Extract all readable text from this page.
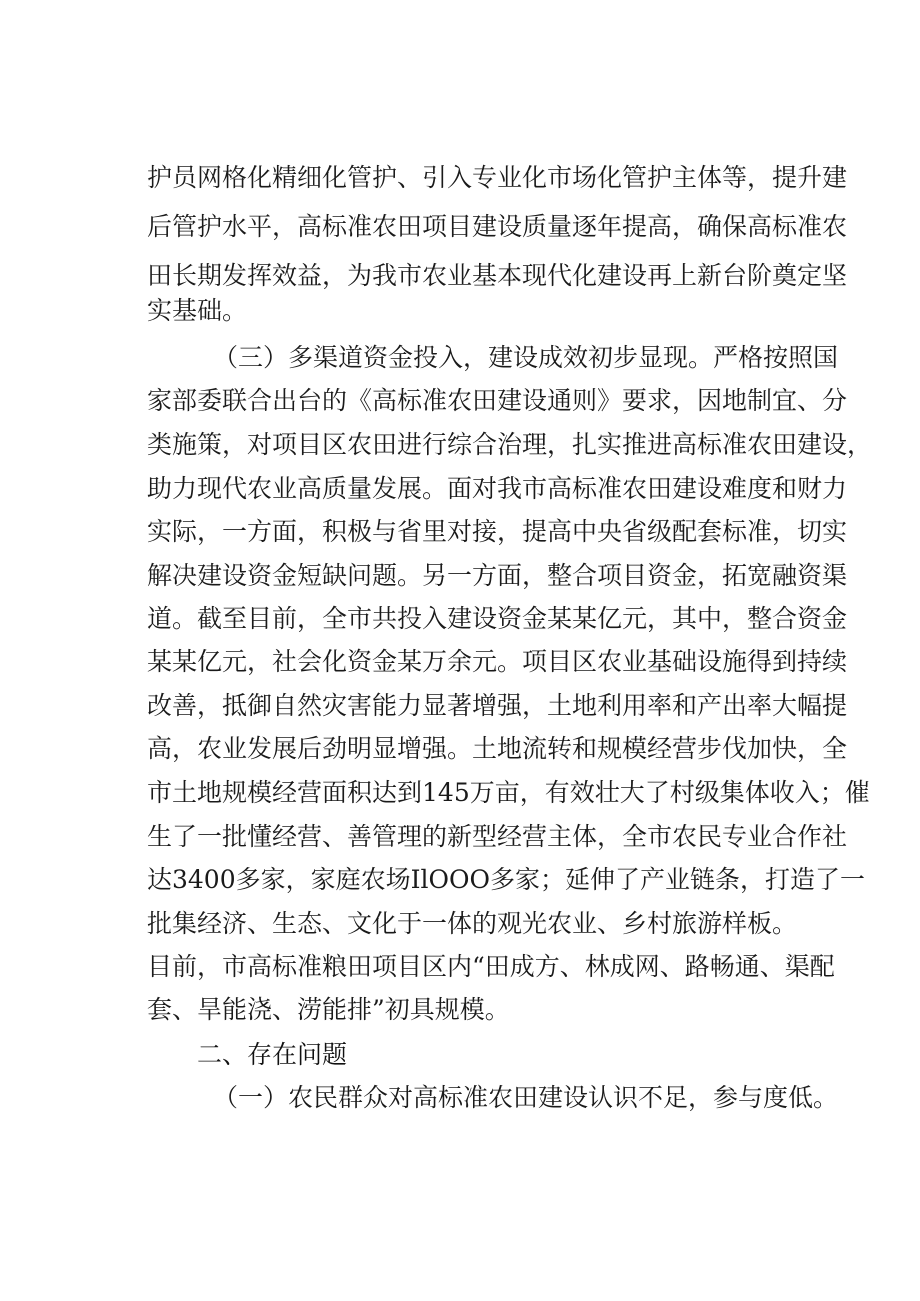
护员网格化精细化管护、引入专业化市场化管护主体等，提升建
后管护水平，高标准农田项目建设质量逐年提高，确保高标准农
田长期发挥效益，为我市农业基本现代化建设再上新台阶奠定坚
实基础。
（三）多渠道资金投入，建设成效初步显现。严格按照国
家部委联合出台的《高标准农田建设通则》要求，因地制宜、分
类施策，对项目区农田进行综合治理，扎实推进高标准农田建设，
助力现代农业高质量发展。面对我市高标准农田建设难度和财力
实际，一方面，积极与省里对接，提高中央省级配套标准，切实
解决建设资金短缺问题。另一方面，整合项目资金，拓宽融资渠
道。截至目前，全市共投入建设资金某某亿元，其中，整合资金
某某亿元，社会化资金某万余元。项目区农业基础设施得到持续
改善，抵御自然灾害能力显著增强，土地利用率和产出率大幅提
高，农业发展后劲明显增强。土地流转和规模经营步伐加快，全
市土地规模经营面积达到145万亩，有效壮大了村级集体收入；催
生了一批懂经营、善管理的新型经营主体，全市农民专业合作社
达3400多家，家庭农场IlOOO多家；延伸了产业链条，打造了一
批集经济、生态、文化于一体的观光农业、乡村旅游样板。
目前，市高标准粮田项目区内“田成方、林成网、路畅通、渠配
套、旱能浇、涝能排”初具规模。
二、存在问题
（一）农民群众对高标准农田建设认识不足，参与度低。
